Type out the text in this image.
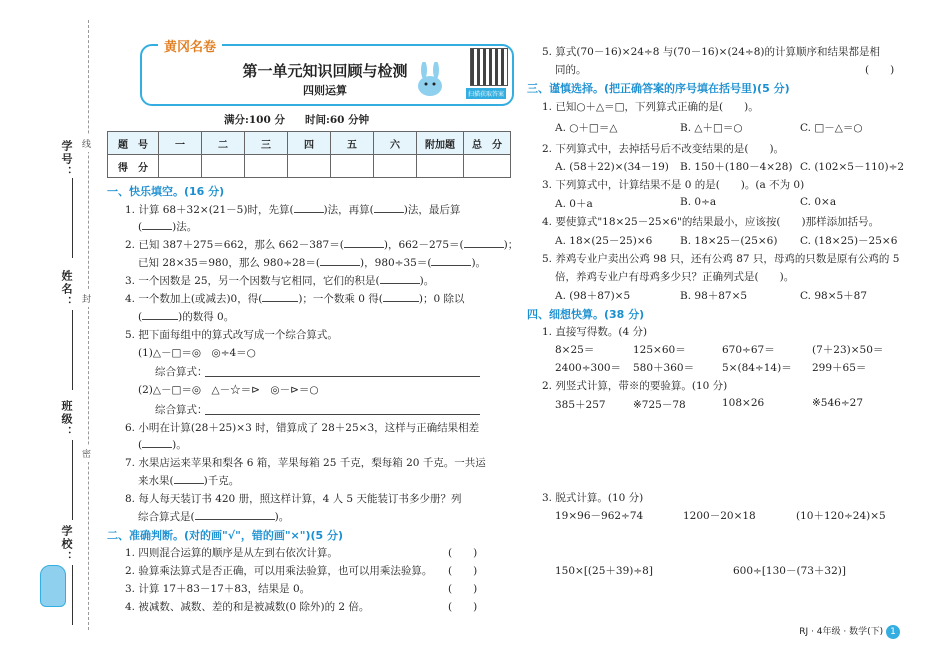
学号：
姓名：
班级：
学校：
线
封
密
黄冈名卷
第一单元知识回顾与检测
四则运算	扫描获取答案
满分:100 分 时间:60 分钟
题　号	一	二	三	四	五	六	附加题	总　分
得　分								
一、快乐填空。(16 分)
1. 计算 68＋32×(21－5)时，先算(	)法，再算(	)法，最后算
(	)法。
2. 已知 387＋275＝662，那么 662－387＝(	)，662－275＝(	)；
已知 28×35＝980，那么 980÷28＝(	)，980÷35＝(	)。
3. 一个因数是 25，另一个因数与它相同，它们的积是(	)。
4. 一个数加上(或减去)0，得(	)；一个数乘 0 得(	)；0 除以
(	)的数得 0。
5. 把下面每组中的算式改写成一个综合算式。
(1)△－□＝◎　◎÷4＝○
综合算式：
(2)△－□＝◎　△－☆＝⊳　◎－⊳＝○
综合算式：
6. 小明在计算(28＋25)×3 时，错算成了 28＋25×3，这样与正确结果相差
(	)。
7. 水果店运来苹果和梨各 6 箱，苹果每箱 25 千克，梨每箱 20 千克。一共运
来水果(	)千克。
8. 每人每天装订书 420 册，照这样计算，4 人 5 天能装订书多少册？列
综合算式是(	)。
二、准确判断。(对的画"√"，错的画"×")(5 分)
1. 四则混合运算的顺序是从左到右依次计算。	(　　)
2. 验算乘法算式是否正确，可以用乘法验算，也可以用乘法验算。 (　　)
3. 计算 17＋83－17＋83，结果是 0。	(　　)
4. 被减数、减数、差的和是被减数(0 除外)的 2 倍。	(　　)
5. 算式(70－16)×24÷8 与(70－16)×(24÷8)的计算顺序和结果都是相
同的。	(　　)
三、谨慎选择。(把正确答案的序号填在括号里)(5 分)
1. 已知○＋△＝□，下列算式正确的是(　　)。
A. ○＋□＝△	B. △＋□＝○	C. □－△＝○
2. 下列算式中，去掉括号后不改变结果的是(　　)。
A. (58＋22)×(34－19) B. 150＋(180－4×28) C. (102×5－110)÷2
3. 下列算式中，计算结果不是 0 的是(　　)。(a 不为 0)
A. 0＋a	B. 0÷a	C. 0×a
4. 要使算式"18×25－25×6"的结果最小，应该按(　　)那样添加括号。
A. 18×(25－25)×6	B. 18×25－(25×6) C. (18×25)－25×6
5. 养鸡专业户卖出公鸡 98 只，还有公鸡 87 只，母鸡的只数是原有公鸡的 5
倍，养鸡专业户有母鸡多少只？正确列式是(　　)。
A. (98＋87)×5	B. 98＋87×5	C. 98×5＋87
四、细想快算。(38 分)
1. 直接写得数。(4 分)
8×25＝	125×60＝	670÷67＝	(7＋23)×50＝
2400÷300＝ 580＋360＝	5×(84÷14)＝ 299＋65＝
2. 列竖式计算，带※的要验算。(10 分)
385＋257	※725－78	108×26	※546÷27
3. 脱式计算。(10 分)
19×96－962÷74	1200－20×18	(10＋120÷24)×5
150×[(25＋39)÷8]	600÷[130－(73＋32)]
RJ · 4年级 · 数学(下) 1
